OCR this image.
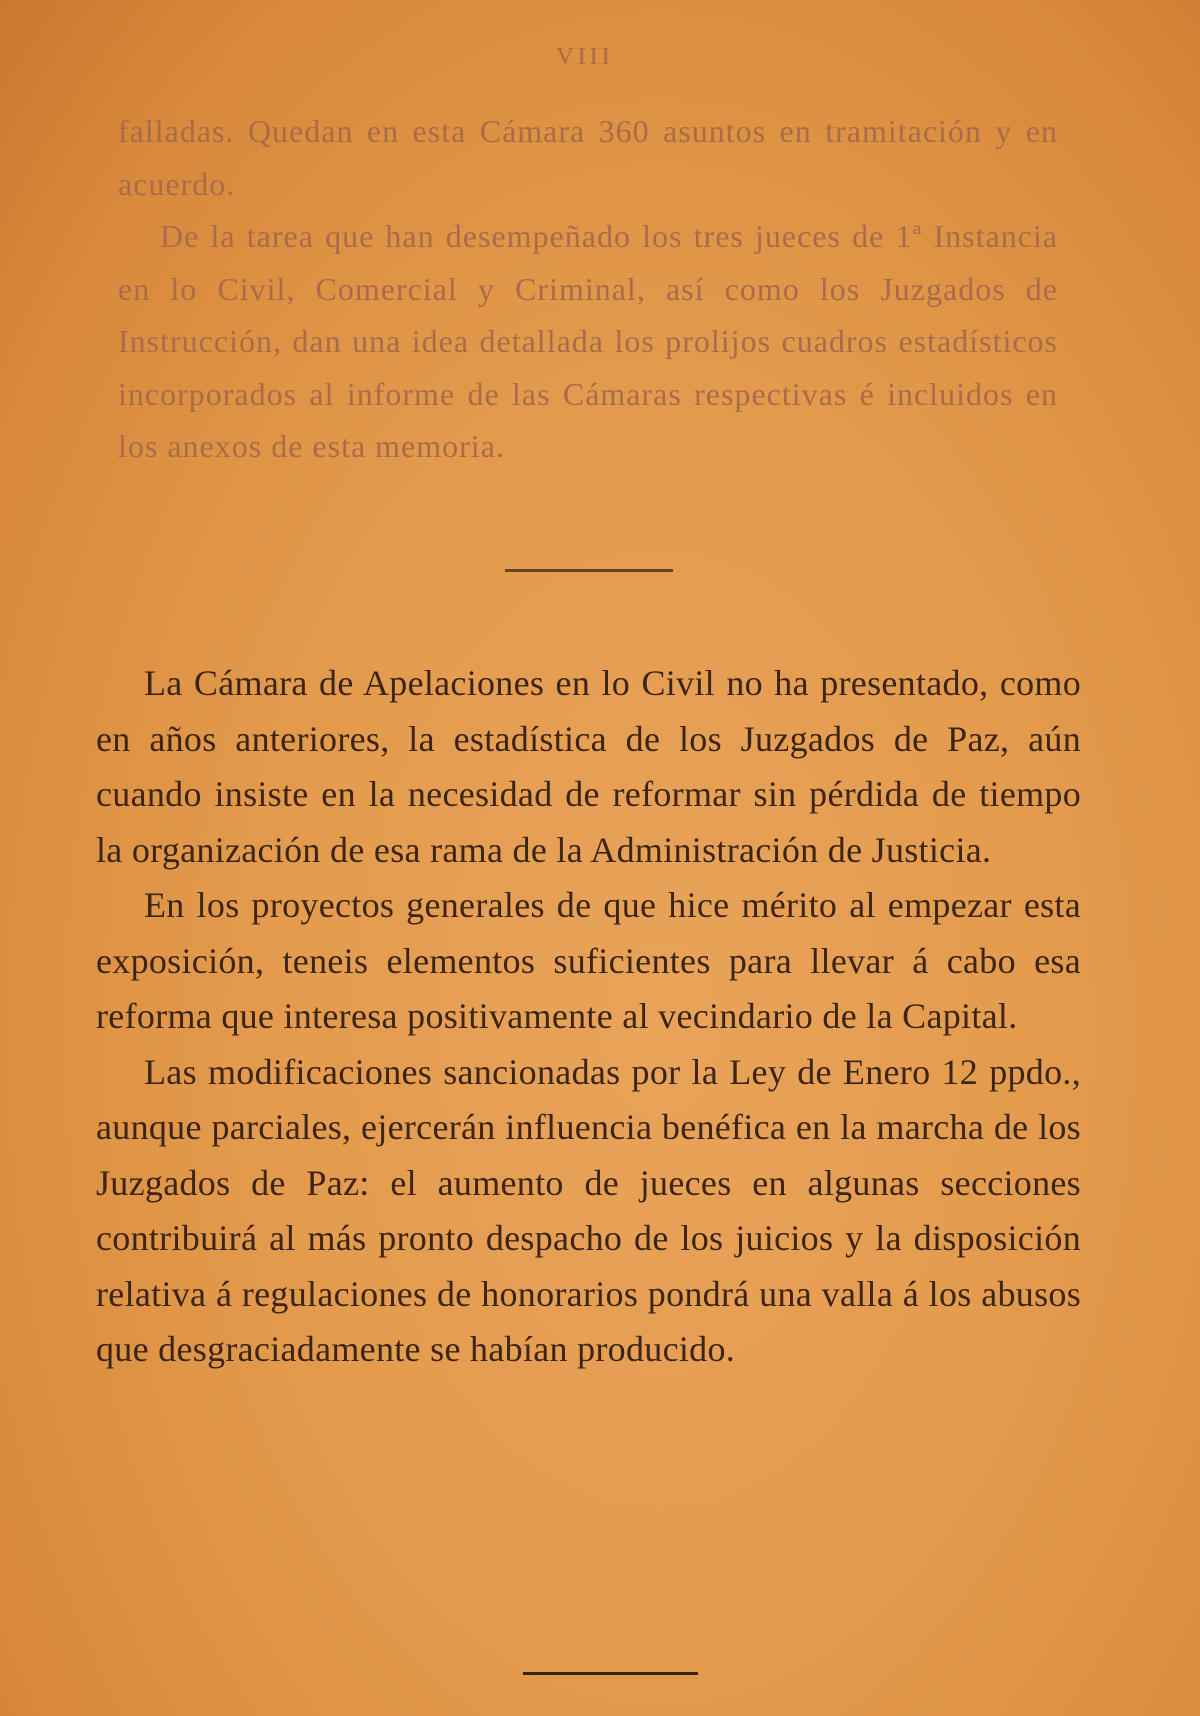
VIII

falladas. Quedan en esta Cámara 360 asuntos en tramitación y en acuerdo.

De la tarea que han desempeñado los tres jueces de 1ª Instancia en lo Civil, Comercial y Criminal, así como los Juzgados de Instrucción, dan una idea detallada los prolijos cuadros estadísticos incorporados al informe de las Cámaras respectivas é incluidos en los anexos de esta memoria.

La Cámara de Apelaciones en lo Civil no ha presentado, como en años anteriores, la estadística de los Juzgados de Paz, aún cuando insiste en la necesidad de reformar sin pérdida de tiempo la organización de esa rama de la Administración de Justicia.

En los proyectos generales de que hice mérito al empezar esta exposición, teneis elementos suficientes para llevar á cabo esa reforma que interesa positivamente al vecindario de la Capital.

Las modificaciones sancionadas por la Ley de Enero 12 ppdo., aunque parciales, ejercerán influencia benéfica en la marcha de los Juzgados de Paz: el aumento de jueces en algunas secciones contribuirá al más pronto despacho de los juicios y la disposición relativa á regulaciones de honorarios pondrá una valla á los abusos que desgraciadamente se habían producido.
